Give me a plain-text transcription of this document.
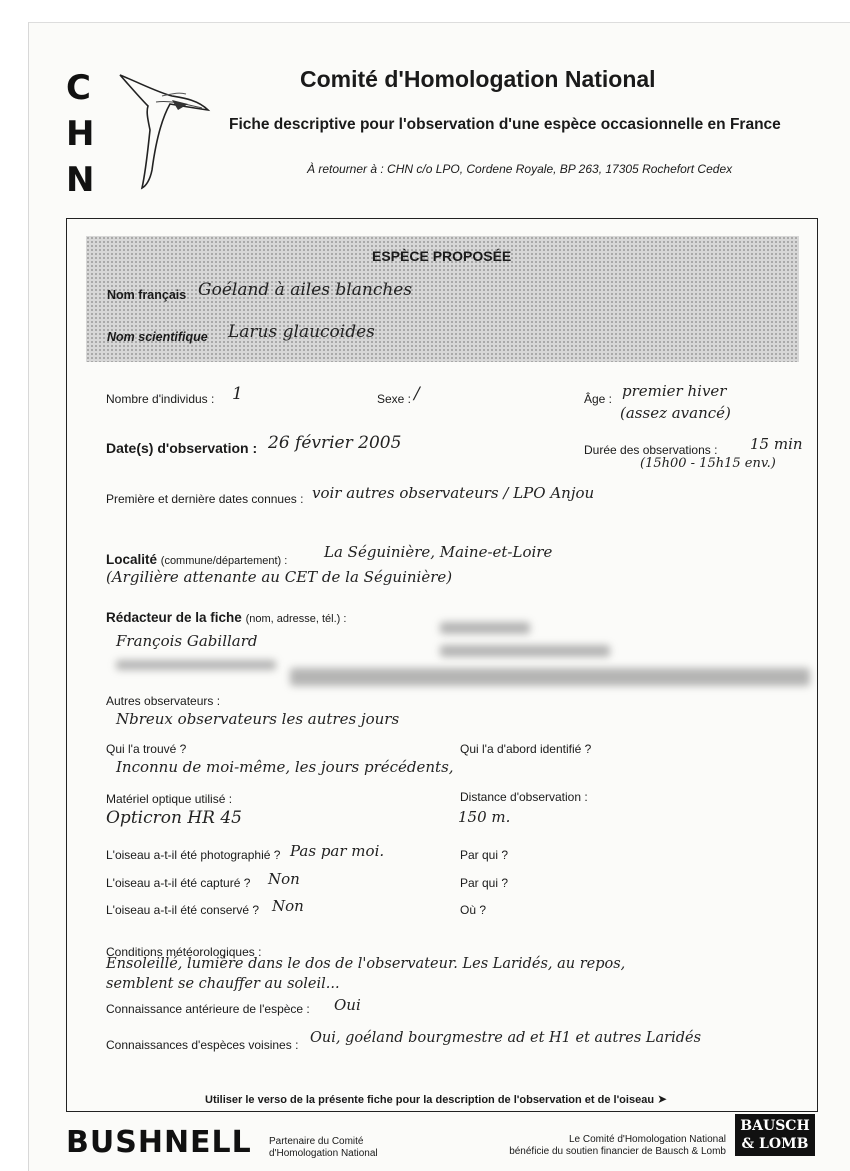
C
H
N
Comité d'Homologation National
Fiche descriptive pour l'observation d'une espèce occasionnelle en France
À retourner à : CHN c/o LPO, Cordene Royale, BP 263, 17305 Rochefort Cedex
ESPÈCE PROPOSÉE
Nom français Goéland à ailes blanches
Nom scientifique Larus glaucoides
Nombre d'individus : 1	Sexe : /	Âge : premier hiver
(assez avancé)
Date(s) d'observation : 26 février 2005	Durée des observations : 15 min
(15h00 - 15h15 env.)
Première et dernière dates connues : voir autres observateurs / LPO Anjou
Localité (commune/département) : La Séguinière, Maine-et-Loire
(Argilière attenante au CET de la Séguinière)
Rédacteur de la fiche (nom, adresse, tél.) :
François Gabillard
Autres observateurs :
Nbreux observateurs les autres jours
Qui l'a trouvé ?	Qui l'a d'abord identifié ?
Inconnu de moi-même, les jours précédents,
Matériel optique utilisé :	Distance d'observation :
Opticron HR 45	150 m.
L'oiseau a-t-il été photographié ? Pas par moi.	Par qui ?
L'oiseau a-t-il été capturé ? Non	Par qui ?
L'oiseau a-t-il été conservé ? Non	Où ?
Conditions météorologiques :
Ensoleillé, lumière dans le dos de l'observateur. Les Laridés, au repos,
semblent se chauffer au soleil...
Connaissance antérieure de l'espèce : Oui
Connaissances d'espèces voisines : Oui, goéland bourgmestre ad et H1 et autres Laridés
Utiliser le verso de la présente fiche pour la description de l'observation et de l'oiseau ➤
BUSHNELL Partenaire du Comité
d'Homologation National
Le Comité d'Homologation National
bénéficie du soutien financier de Bausch & Lomb
BAUSCH
& LOMB
